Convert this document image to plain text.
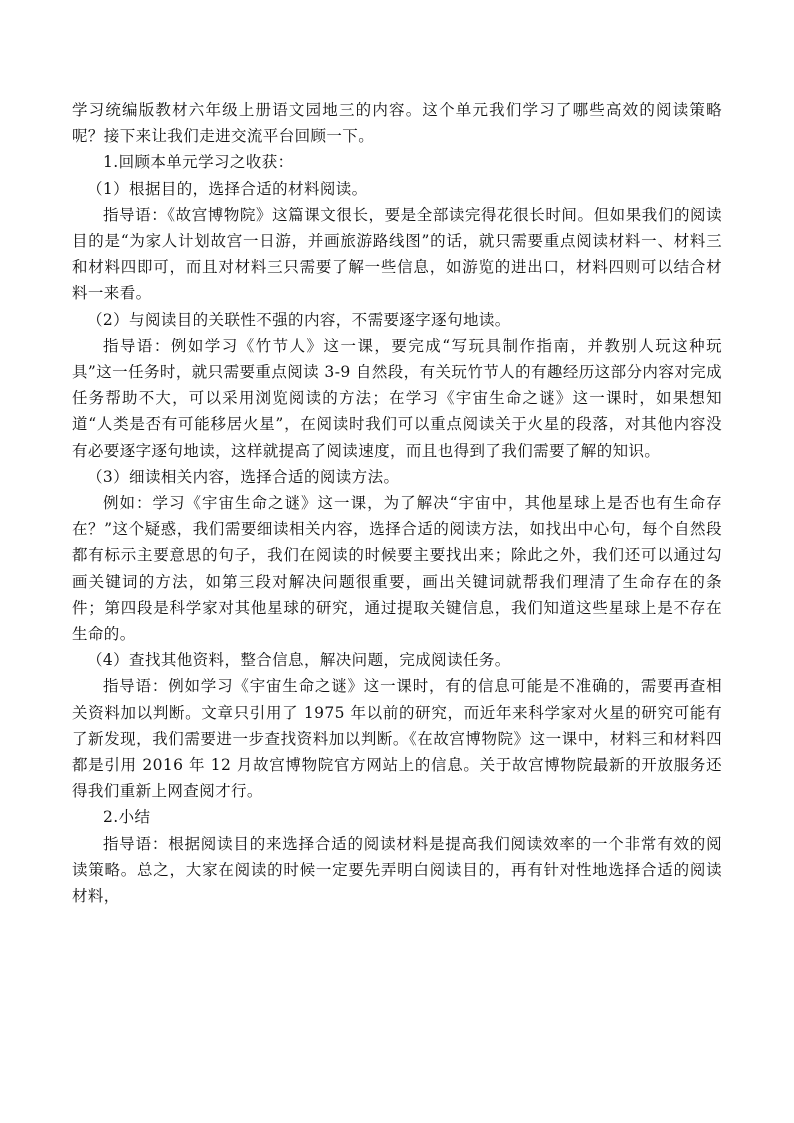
学习统编版教材六年级上册语文园地三的内容。这个单元我们学习了哪些高效的阅读策略呢？接下来让我们走进交流平台回顾一下。

1.回顾本单元学习之收获：

（1）根据目的，选择合适的材料阅读。

指导语：《故宫博物院》这篇课文很长，要是全部读完得花很长时间。但如果我们的阅读目的是“为家人计划故宫一日游，并画旅游路线图”的话，就只需要重点阅读材料一、材料三和材料四即可，而且对材料三只需要了解一些信息，如游览的进出口，材料四则可以结合材料一来看。

（2）与阅读目的关联性不强的内容，不需要逐字逐句地读。

指导语：例如学习《竹节人》这一课，要完成“写玩具制作指南，并教别人玩这种玩具”这一任务时，就只需要重点阅读 3-9 自然段，有关玩竹节人的有趣经历这部分内容对完成任务帮助不大，可以采用浏览阅读的方法；在学习《宇宙生命之谜》这一课时，如果想知道“人类是否有可能移居火星”，在阅读时我们可以重点阅读关于火星的段落，对其他内容没有必要逐字逐句地读，这样就提高了阅读速度，而且也得到了我们需要了解的知识。

（3）细读相关内容，选择合适的阅读方法。

例如：学习《宇宙生命之谜》这一课，为了解决“宇宙中，其他星球上是否也有生命存在？”这个疑惑，我们需要细读相关内容，选择合适的阅读方法，如找出中心句，每个自然段都有标示主要意思的句子，我们在阅读的时候要主要找出来；除此之外，我们还可以通过勾画关键词的方法，如第三段对解决问题很重要，画出关键词就帮我们理清了生命存在的条件；第四段是科学家对其他星球的研究，通过提取关键信息，我们知道这些星球上是不存在生命的。

（4）查找其他资料，整合信息，解决问题，完成阅读任务。

指导语：例如学习《宇宙生命之谜》这一课时，有的信息可能是不准确的，需要再查相关资料加以判断。文章只引用了 1975 年以前的研究，而近年来科学家对火星的研究可能有了新发现，我们需要进一步查找资料加以判断。《在故宫博物院》这一课中，材料三和材料四都是引用 2016 年 12 月故宫博物院官方网站上的信息。关于故宫博物院最新的开放服务还得我们重新上网查阅才行。

2.小结

指导语：根据阅读目的来选择合适的阅读材料是提高我们阅读效率的一个非常有效的阅读策略。总之，大家在阅读的时候一定要先弄明白阅读目的，再有针对性地选择合适的阅读材料，
